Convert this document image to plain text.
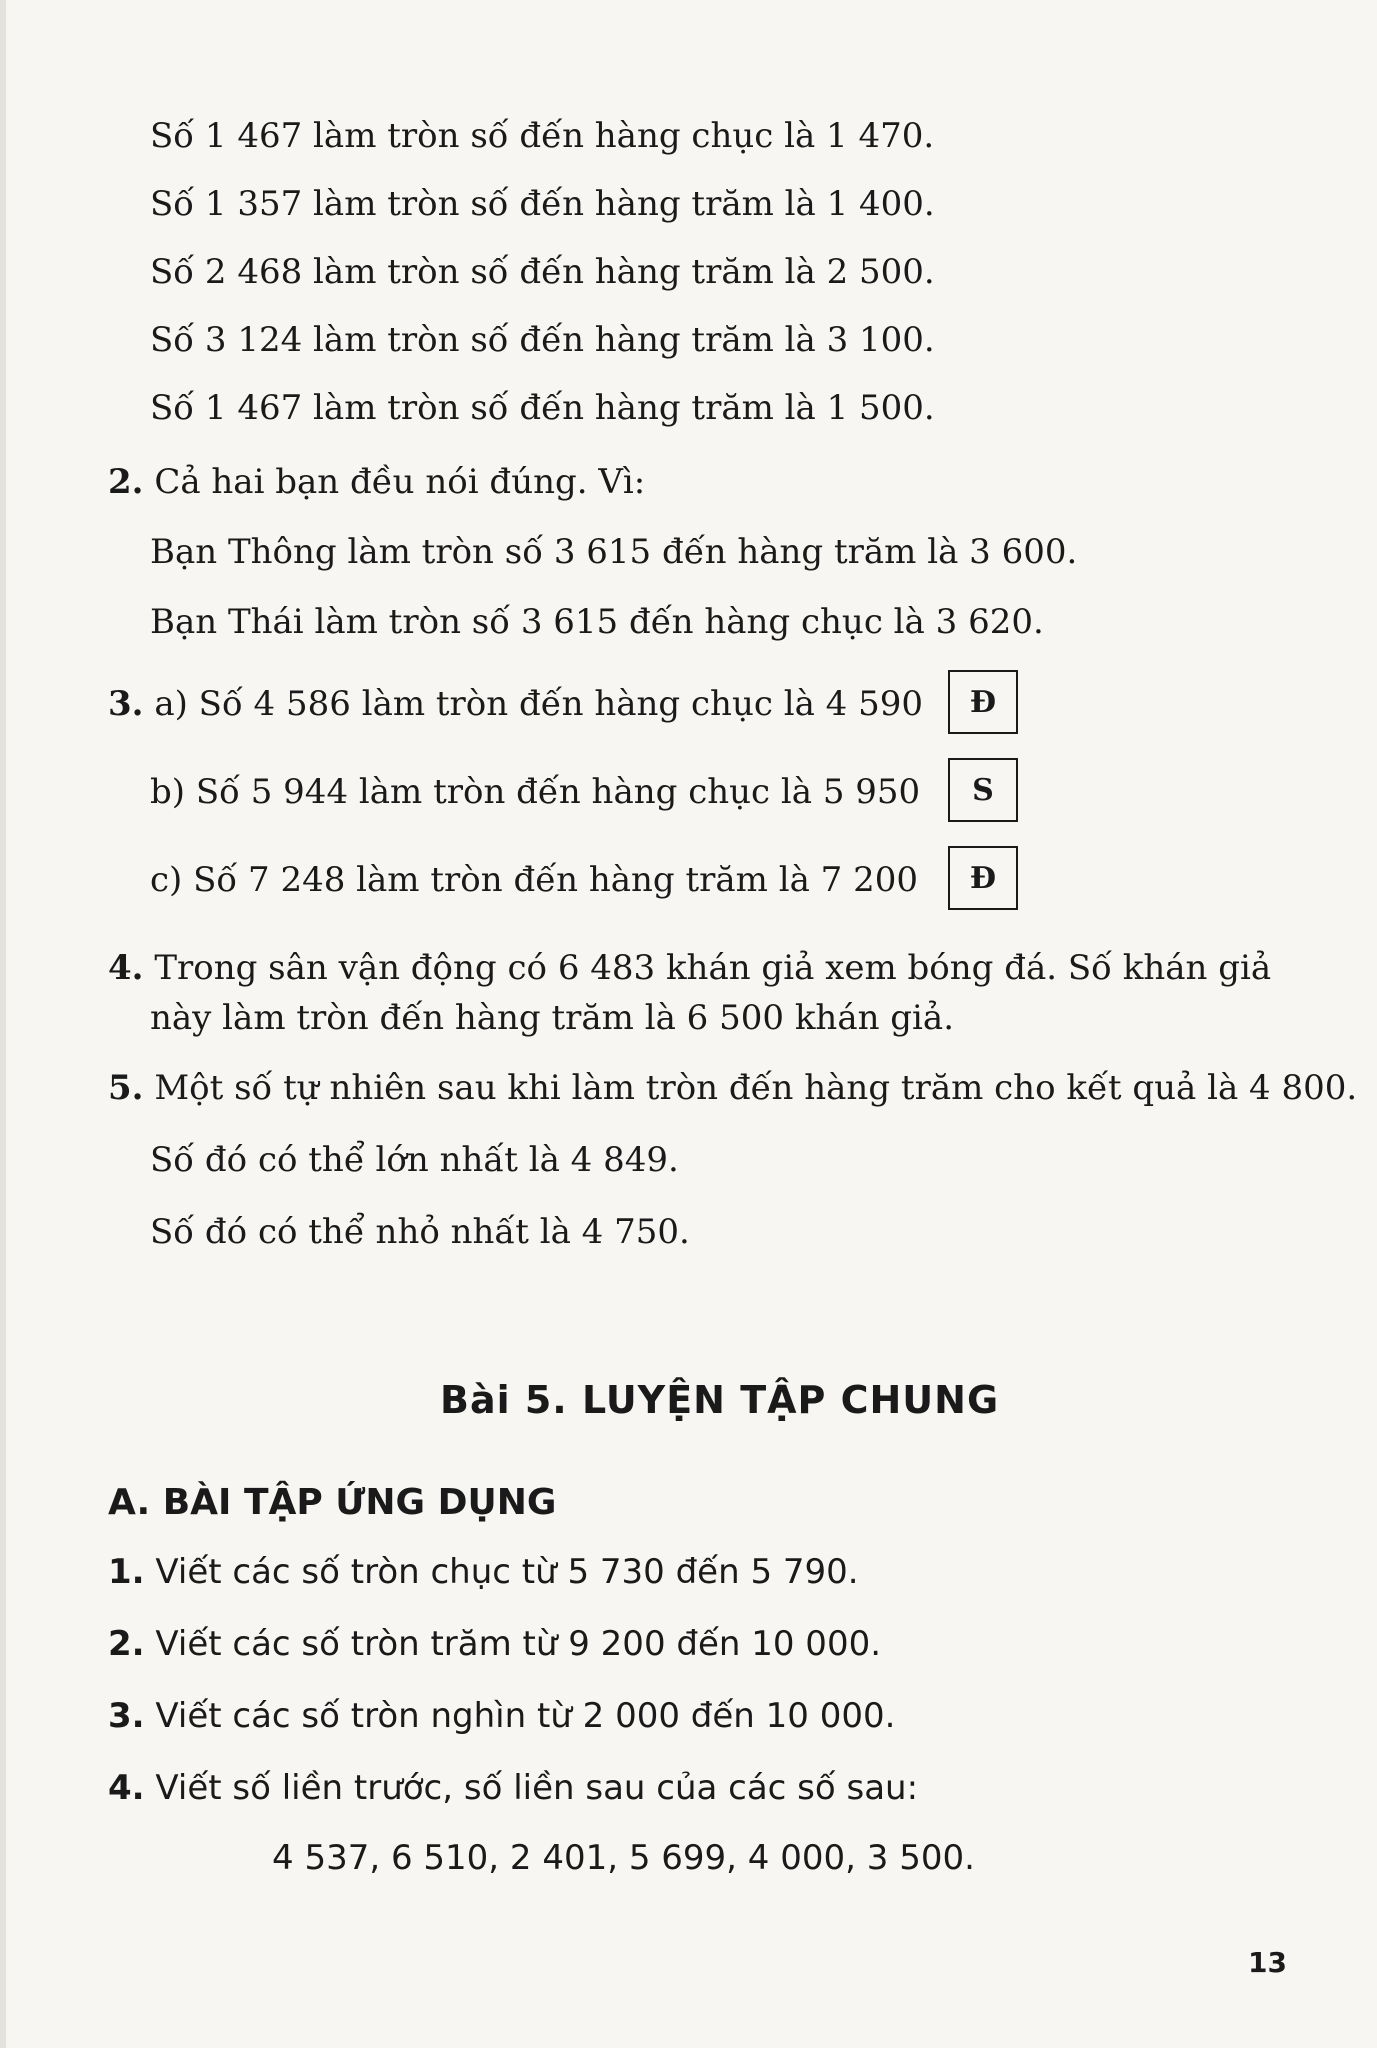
Số 1 467 làm tròn số đến hàng chục là 1 470.
Số 1 357 làm tròn số đến hàng trăm là 1 400.
Số 2 468 làm tròn số đến hàng trăm là 2 500.
Số 3 124 làm tròn số đến hàng trăm là 3 100.
Số 1 467 làm tròn số đến hàng trăm là 1 500.
2. Cả hai bạn đều nói đúng. Vì:
Bạn Thông làm tròn số 3 615 đến hàng trăm là 3 600.
Bạn Thái làm tròn số 3 615 đến hàng chục là 3 620.
3. a) Số 4 586 làm tròn đến hàng chục là 4 590	Đ
b) Số 5 944 làm tròn đến hàng chục là 5 950	S
c) Số 7 248 làm tròn đến hàng trăm là 7 200	Đ
4. Trong sân vận động có 6 483 khán giả xem bóng đá. Số khán giả
này làm tròn đến hàng trăm là 6 500 khán giả.
5. Một số tự nhiên sau khi làm tròn đến hàng trăm cho kết quả là 4 800.
Số đó có thể lớn nhất là 4 849.
Số đó có thể nhỏ nhất là 4 750.
Bài 5. LUYỆN TẬP CHUNG
A. BÀI TẬP ỨNG DỤNG
1. Viết các số tròn chục từ 5 730 đến 5 790.
2. Viết các số tròn trăm từ 9 200 đến 10 000.
3. Viết các số tròn nghìn từ 2 000 đến 10 000.
4. Viết số liền trước, số liền sau của các số sau:
4 537, 6 510, 2 401, 5 699, 4 000, 3 500.
13
